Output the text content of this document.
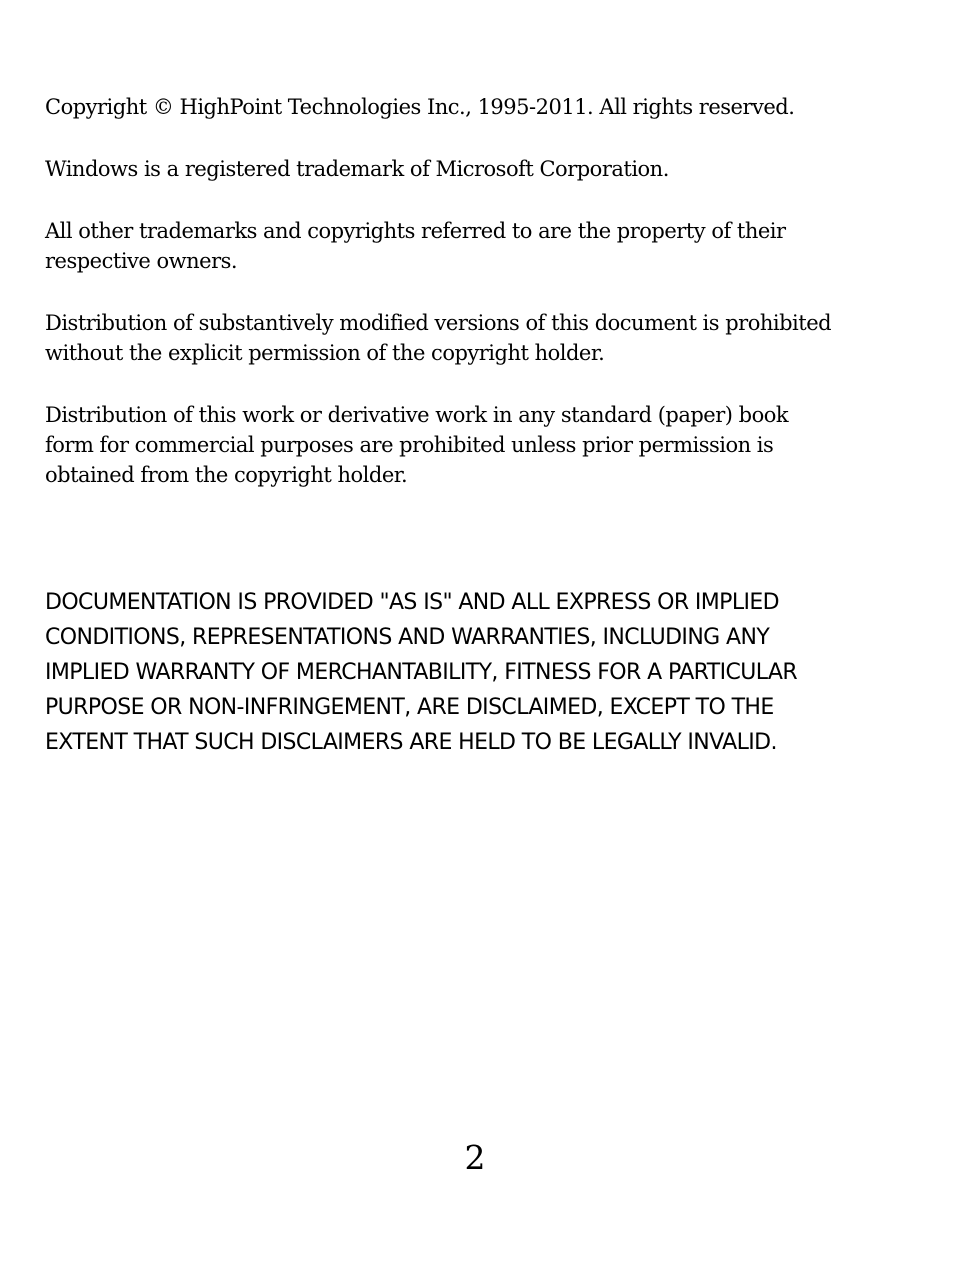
Copyright © HighPoint Technologies Inc., 1995-2011. All rights reserved.

Windows is a registered trademark of Microsoft Corporation.

All other trademarks and copyrights referred to are the property of their
respective owners.

Distribution of substantively modified versions of this document is prohibited
without the explicit permission of the copyright holder.

Distribution of this work or derivative work in any standard (paper) book
form for commercial purposes are prohibited unless prior permission is
obtained from the copyright holder.

DOCUMENTATION IS PROVIDED "AS IS" AND ALL EXPRESS OR IMPLIED
CONDITIONS, REPRESENTATIONS AND WARRANTIES, INCLUDING ANY
IMPLIED WARRANTY OF MERCHANTABILITY, FITNESS FOR A PARTICULAR
PURPOSE OR NON-INFRINGEMENT, ARE DISCLAIMED, EXCEPT TO THE
EXTENT THAT SUCH DISCLAIMERS ARE HELD TO BE LEGALLY INVALID.

2
